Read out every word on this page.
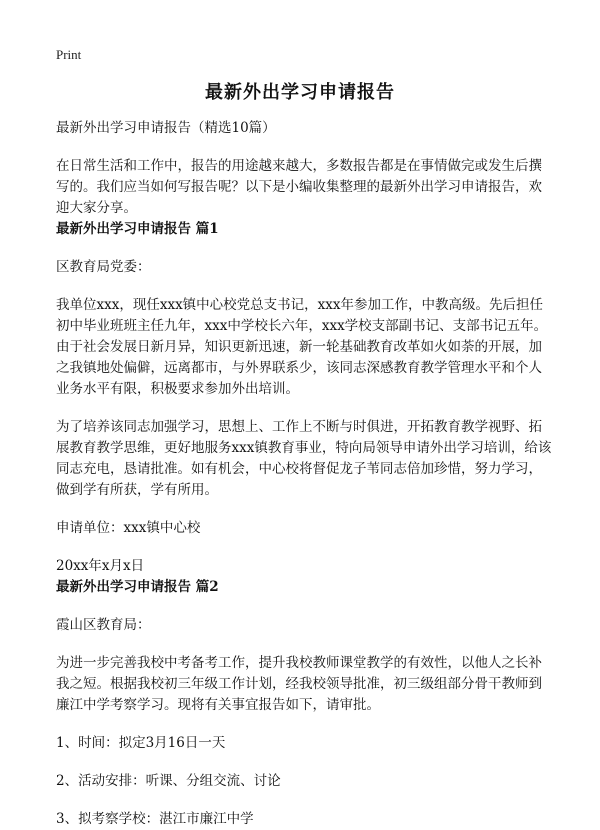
Print
最新外出学习申请报告

最新外出学习申请报告（精选10篇）

在日常生活和工作中，报告的用途越来越大，多数报告都是在事情做完或发生后撰写的。我们应当如何写报告呢？以下是小编收集整理的最新外出学习申请报告，欢迎大家分享。

最新外出学习申请报告 篇1

区教育局党委：

我单位xxx，现任xxx镇中心校党总支书记，xxx年参加工作，中教高级。先后担任初中毕业班班主任九年，xxx中学校长六年，xxx学校支部副书记、支部书记五年。由于社会发展日新月异，知识更新迅速，新一轮基础教育改革如火如荼的开展，加之我镇地处偏僻，远离都市，与外界联系少，该同志深感教育教学管理水平和个人业务水平有限，积极要求参加外出培训。

为了培养该同志加强学习，思想上、工作上不断与时俱进，开拓教育教学视野、拓展教育教学思维，更好地服务xxx镇教育事业，特向局领导申请外出学习培训，给该同志充电，恳请批准。如有机会，中心校将督促龙子苇同志倍加珍惜，努力学习，做到学有所获，学有所用。

申请单位：xxx镇中心校

20xx年x月x日

最新外出学习申请报告 篇2

霞山区教育局：

为进一步完善我校中考备考工作，提升我校教师课堂教学的有效性，以他人之长补我之短。根据我校初三年级工作计划，经我校领导批准，初三级组部分骨干教师到廉江中学考察学习。现将有关事宜报告如下，请审批。

1、时间：拟定3月16日一天

2、活动安排：听课、分组交流、讨论

3、拟考察学校：湛江市廉江中学
